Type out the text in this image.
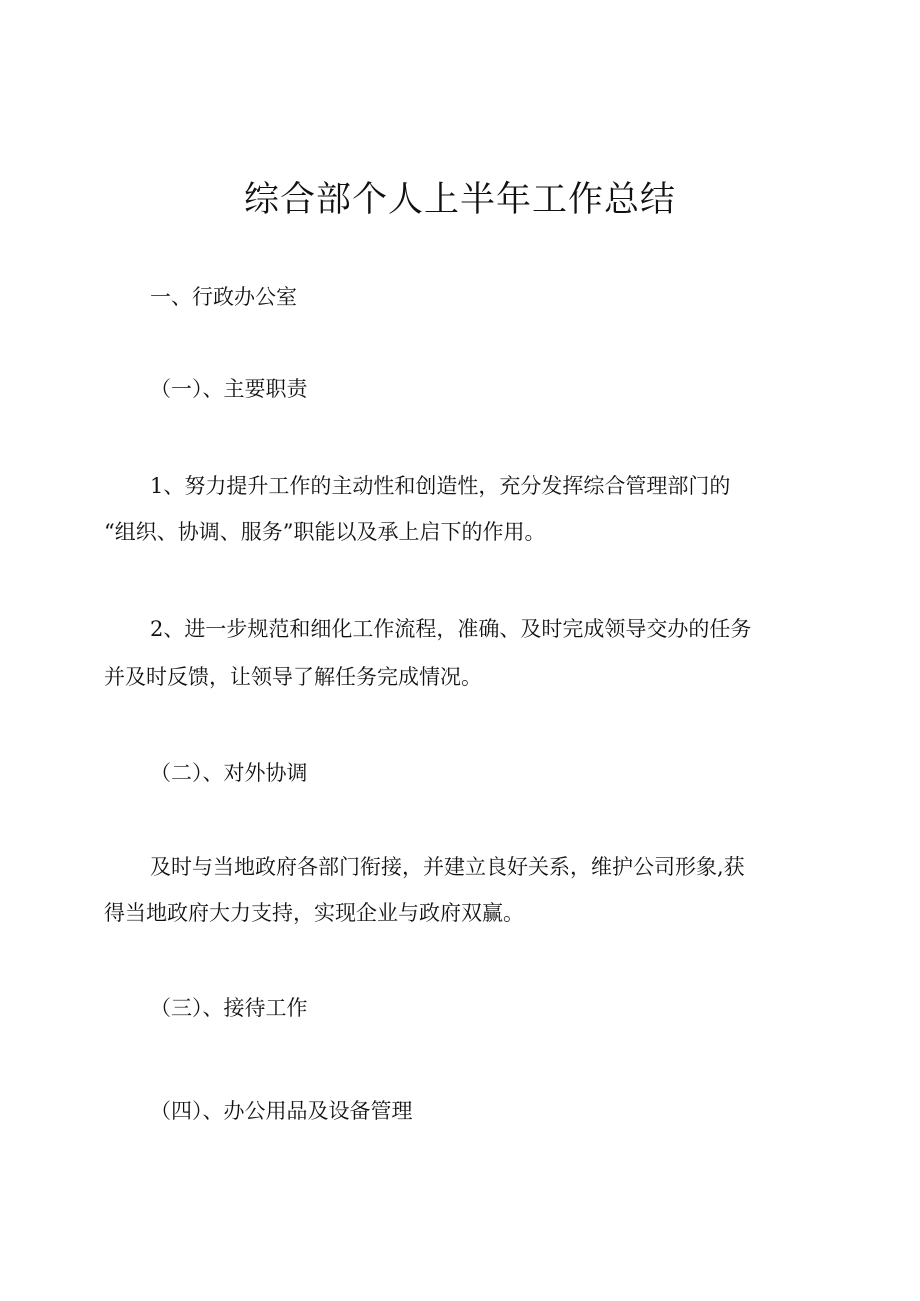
综合部个人上半年工作总结

一、行政办公室

（一）、主要职责

1、努力提升工作的主动性和创造性，充分发挥综合管理部门的

“组织、协调、服务”职能以及承上启下的作用。

2、进一步规范和细化工作流程，准确、及时完成领导交办的任务

并及时反馈，让领导了解任务完成情况。

（二）、对外协调

及时与当地政府各部门衔接，并建立良好关系，维护公司形象,获

得当地政府大力支持，实现企业与政府双赢。

（三）、接待工作

（四）、办公用品及设备管理
